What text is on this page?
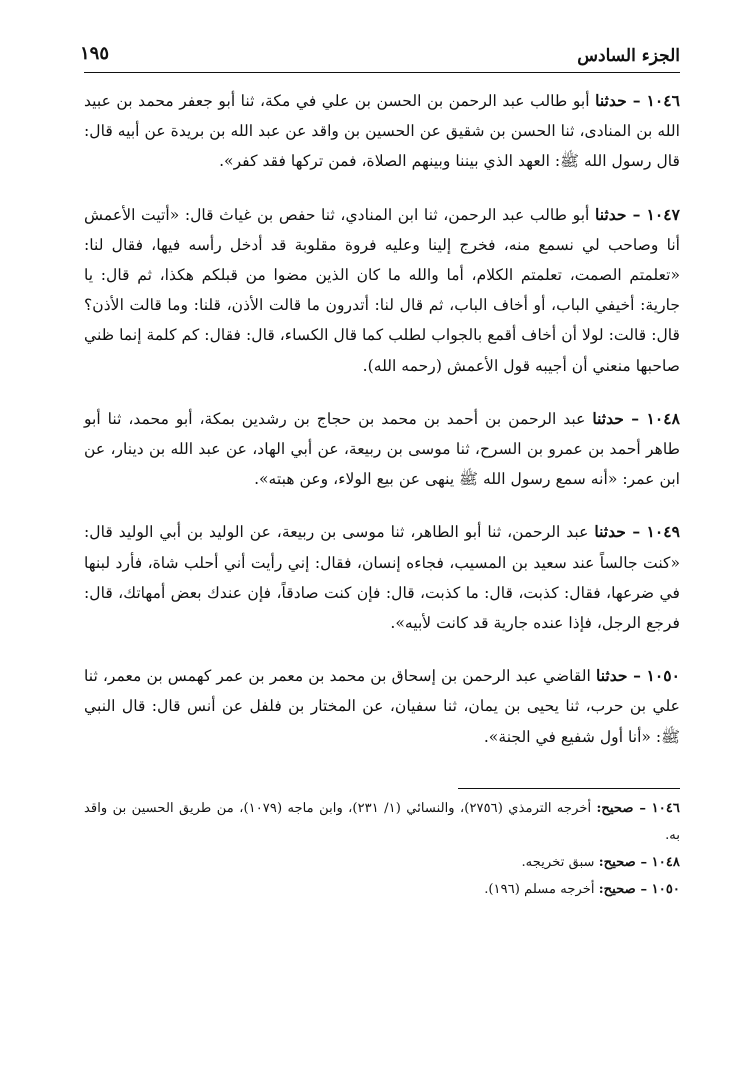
الجزء السادس
١٩٥

١٠٤٦ – حدثنا أبو طالب عبد الرحمن بن الحسن بن علي في مكة، ثنا أبو جعفر محمد بن عبيد الله بن المنادى، ثنا الحسن بن شقيق عن الحسين بن واقد عن عبد الله بن بريدة عن أبيه قال: قال رسول الله ﷺ: العهد الذي بيننا وبينهم الصلاة، فمن تركها فقد كفر».

١٠٤٧ – حدثنا أبو طالب عبد الرحمن، ثنا ابن المنادي، ثنا حفص بن غياث قال: «أتيت الأعمش أنا وصاحب لي نسمع منه، فخرج إلينا وعليه فروة مقلوبة قد أدخل رأسه فيها، فقال لنا: «تعلمتم الصمت، تعلمتم الكلام، أما والله ما كان الذين مضوا من قبلكم هكذا، ثم قال: يا جارية: أخيفي الباب، أو أخاف الباب، ثم قال لنا: أتدرون ما قالت الأذن، قلنا: وما قالت الأذن؟ قال: قالت: لولا أن أخاف أقمع بالجواب لطلب كما قال الكساء، قال: فقال: كم كلمة إنما ظني صاحبها منعني أن أجيبه قول الأعمش (رحمه الله).

١٠٤٨ – حدثنا عبد الرحمن بن أحمد بن محمد بن حجاج بن رشدين بمكة، أبو محمد، ثنا أبو طاهر أحمد بن عمرو بن السرح، ثنا موسى بن ربيعة، عن أبي الهاد، عن عبد الله بن دينار، عن ابن عمر: «أنه سمع رسول الله ﷺ ينهى عن بيع الولاء، وعن هبته».

١٠٤٩ – حدثنا عبد الرحمن، ثنا أبو الطاهر، ثنا موسى بن ربيعة، عن الوليد بن أبي الوليد قال: «كنت جالساً عند سعيد بن المسيب، فجاءه إنسان، فقال: إني رأيت أني أحلب شاة، فأرد لبنها في ضرعها، فقال: كذبت، قال: ما كذبت، قال: فإن كنت صادقاً، فإن عندك بعض أمهاتك، قال: فرجع الرجل، فإذا عنده جارية قد كانت لأبيه».

١٠٥٠ – حدثنا القاضي عبد الرحمن بن إسحاق بن محمد بن معمر بن عمر كهمس بن معمر، ثنا علي بن حرب، ثنا يحيى بن يمان، ثنا سفيان، عن المختار بن فلفل عن أنس قال: قال النبي ﷺ: «أنا أول شفيع في الجنة».

١٠٤٦ – صحيح: أخرجه الترمذي (٢٧٥٦)، والنسائي (١/ ٢٣١)، وابن ماجه (١٠٧٩)، من طريق الحسين بن واقد به.
١٠٤٨ – صحيح: سبق تخريجه.
١٠٥٠ – صحيح: أخرجه مسلم (١٩٦).
